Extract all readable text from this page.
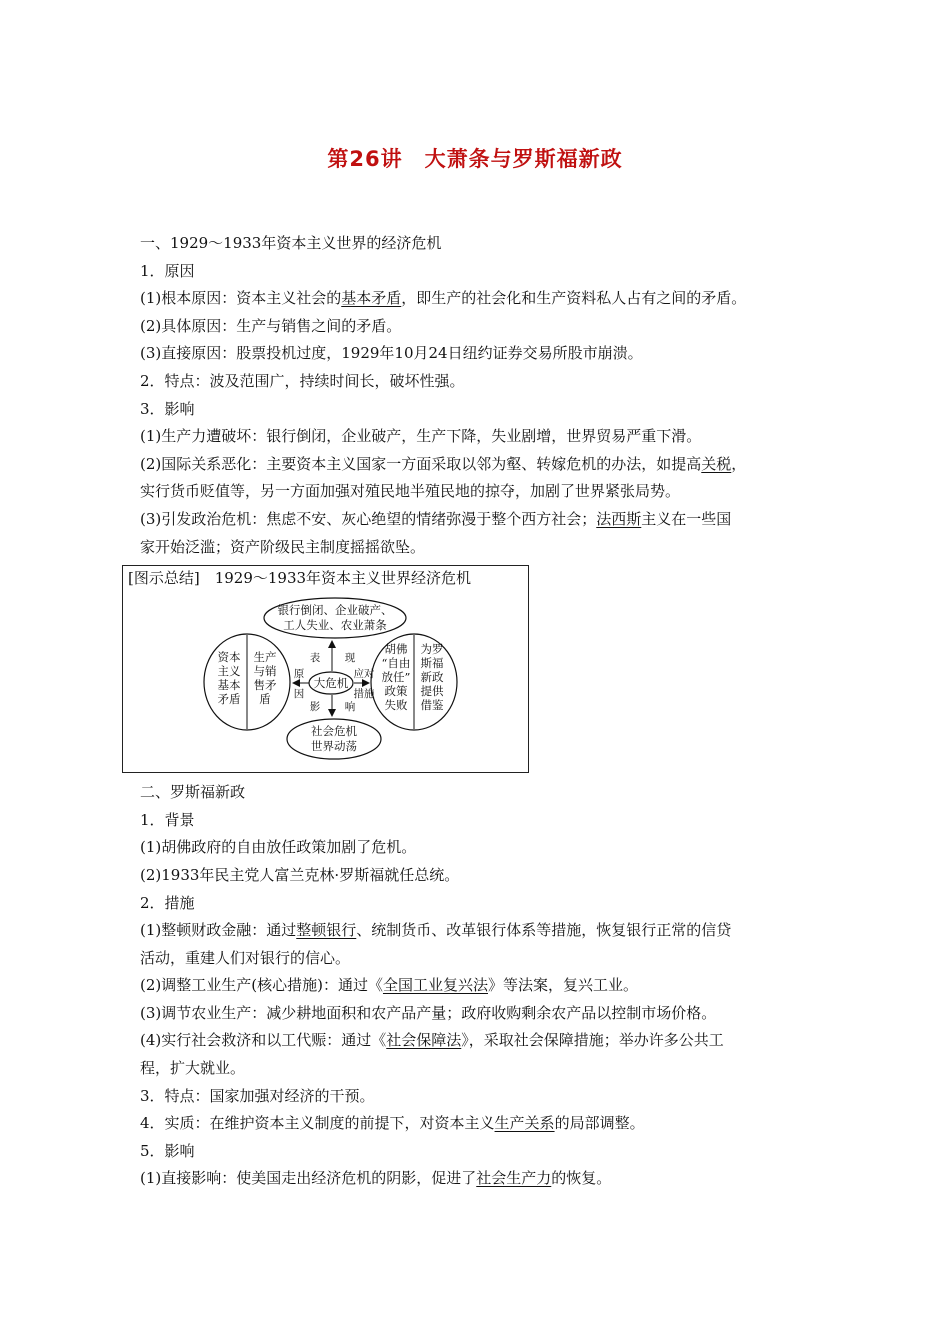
第26讲 大萧条与罗斯福新政
一、1929～1933年资本主义世界的经济危机
1．原因
(1)根本原因：资本主义社会的基本矛盾，即生产的社会化和生产资料私人占有之间的矛盾。
(2)具体原因：生产与销售之间的矛盾。
(3)直接原因：股票投机过度，1929年10月24日纽约证券交易所股市崩溃。
2．特点：波及范围广，持续时间长，破坏性强。
3．影响
(1)生产力遭破坏：银行倒闭，企业破产，生产下降，失业剧增，世界贸易严重下滑。
(2)国际关系恶化：主要资本主义国家一方面采取以邻为壑、转嫁危机的办法，如提高关税，
实行货币贬值等，另一方面加强对殖民地半殖民地的掠夺，加剧了世界紧张局势。
(3)引发政治危机：焦虑不安、灰心绝望的情绪弥漫于整个西方社会；法西斯主义在一些国
家开始泛滥；资产阶级民主制度摇摇欲坠。
[图示总结]　1929～1933年资本主义世界经济危机
银行倒闭、企业破产、
工人失业、农业萧条
社会危机
世界动荡
资本
主义
基本
矛盾
生产
与销
售矛
盾
胡佛
“自由
放任”
政策
失败
为罗
斯福
新政
提供
借鉴
大危机
表 现
影 响
原
因
应对
措施
二、罗斯福新政
1．背景
(1)胡佛政府的自由放任政策加剧了危机。
(2)1933年民主党人富兰克林·罗斯福就任总统。
2．措施
(1)整顿财政金融：通过整顿银行、统制货币、改革银行体系等措施，恢复银行正常的信贷
活动，重建人们对银行的信心。
(2)调整工业生产(核心措施)：通过《全国工业复兴法》等法案，复兴工业。
(3)调节农业生产：减少耕地面积和农产品产量；政府收购剩余农产品以控制市场价格。
(4)实行社会救济和以工代赈：通过《社会保障法》，采取社会保障措施；举办许多公共工
程，扩大就业。
3．特点：国家加强对经济的干预。
4．实质：在维护资本主义制度的前提下，对资本主义生产关系的局部调整。
5．影响
(1)直接影响：使美国走出经济危机的阴影，促进了社会生产力的恢复。
